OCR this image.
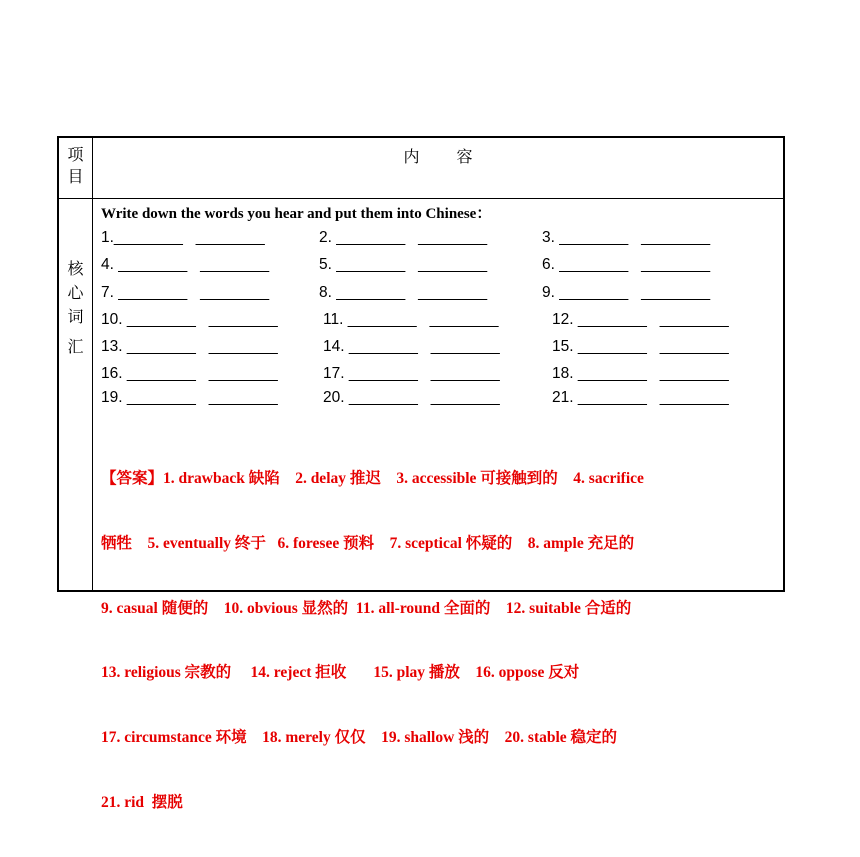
项
目
内 容
核
心
词
汇
Write down the words you hear and put them into Chinese：
1.________   ________	2. ________   ________	3. ________   ________
4. ________   ________	5. ________   ________	6. ________   ________
7. ________   ________	8. ________   ________	9. ________   ________
10. ________   ________	11. ________   ________	12. ________   ________
13. ________   ________	14. ________   ________	15. ________   ________
16. ________   ________	17. ________   ________	18. ________   ________
19. ________   ________	20. ________   ________	21. ________   ________

【答案】1. drawback 缺陷    2. delay 推迟    3. accessible 可接触到的    4. sacrifice

牺牲    5. eventually 终于   6. foresee 预料    7. sceptical 怀疑的    8. ample 充足的

9. casual 随便的    10. obvious 显然的  11. all-round 全面的    12. suitable 合适的

13. religious 宗教的     14. reject 拒收       15. play 播放    16. oppose 反对

17. circumstance 环境    18. merely 仅仅    19. shallow 浅的    20. stable 稳定的

21. rid  摆脱
